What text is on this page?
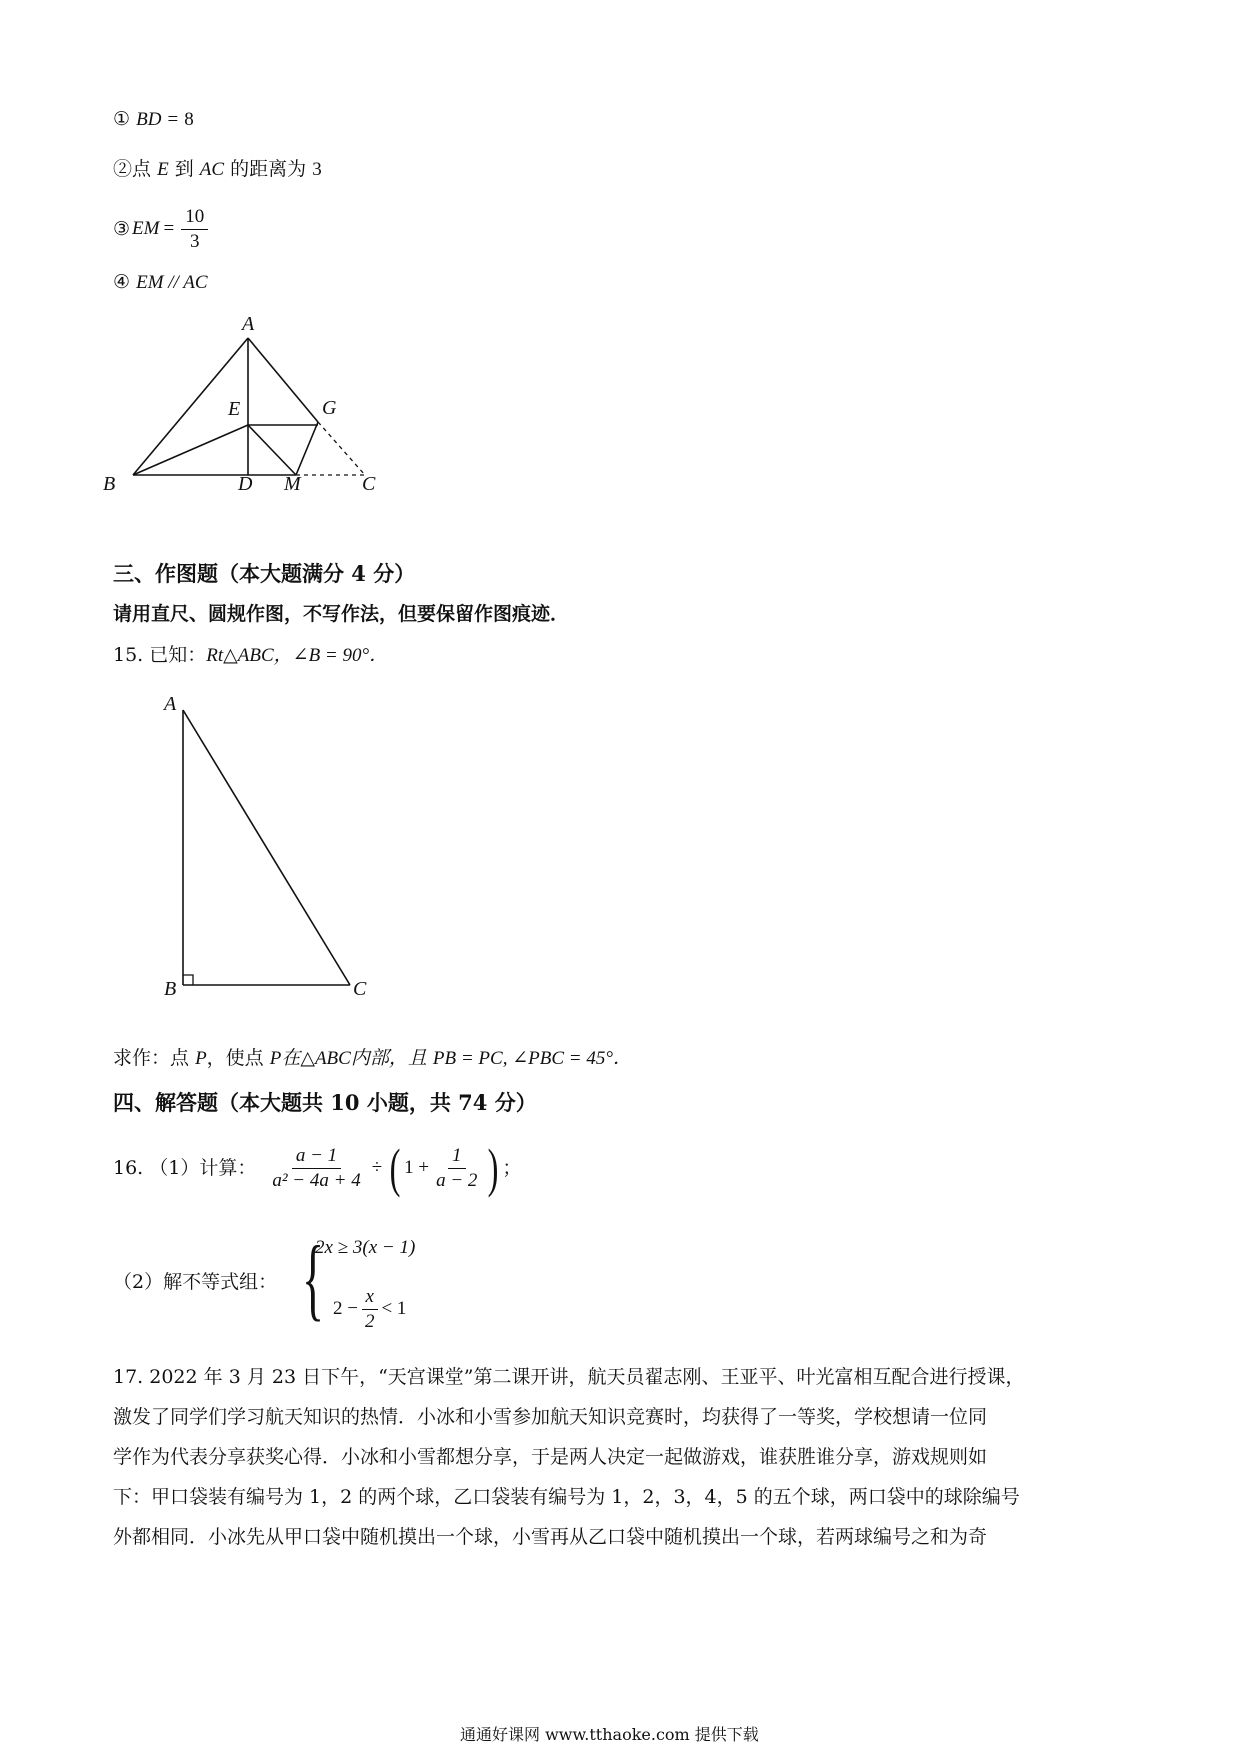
① BD = 8
②点 E 到 AC 的距离为 3
③ EM = $\frac{10}{3}$
④ EM // AC
A
E	G
B	D M	C
三、作图题（本大题满分 4 分）
请用直尺、圆规作图，不写作法，但要保留作图痕迹．
15. 已知：Rt△ABC，∠B = 90°．
A
B	C
求作：点 P，使点 P在△ABC内部，且 PB = PC, ∠PBC = 45°．
四、解答题（本大题共 10 小题，共 74 分）
16. （1）计算： $\frac{a - 1}{\text{a² − 4a + 4}}$ ÷ ( $1 + \frac{1}{a - 2}$ ) ；
（2）解不等式组： {
2x ≥ 3(x − 1)
$2 - \frac{x}{2} < 1$
17. 2022 年 3 月 23 日下午，“天宫课堂”第二课开讲，航天员翟志刚、王亚平、叶光富相互配合进行授课，
激发了同学们学习航天知识的热情．小冰和小雪参加航天知识竞赛时，均获得了一等奖，学校想请一位同
学作为代表分享获奖心得．小冰和小雪都想分享，于是两人决定一起做游戏，谁获胜谁分享，游戏规则如
下：甲口袋装有编号为 1，2 的两个球，乙口袋装有编号为 1，2，3，4，5 的五个球，两口袋中的球除编号
外都相同．小冰先从甲口袋中随机摸出一个球，小雪再从乙口袋中随机摸出一个球，若两球编号之和为奇
通通好课网 www.tthaoke.com 提供下载
